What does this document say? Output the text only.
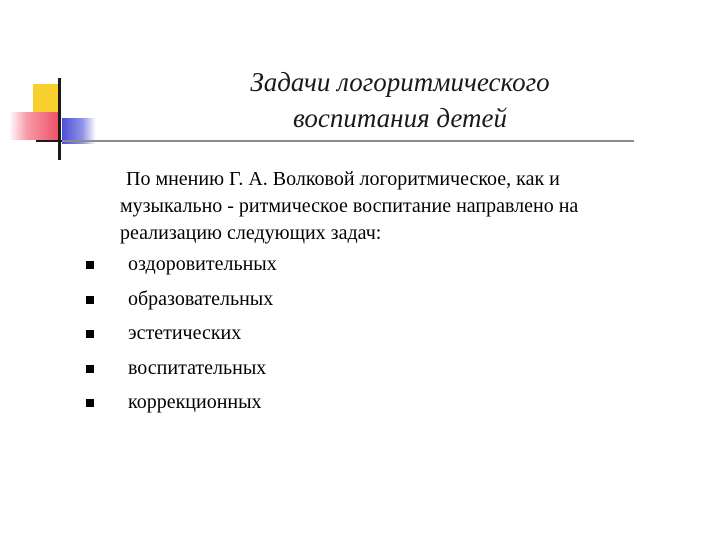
Задачи логоритмического
воспитания детей
По мнению Г. А. Волковой логоритмическое, как и
музыкально - ритмическое воспитание направлено на
реализацию следующих задач:
оздоровительных
образовательных
эстетических
воспитательных
коррекционных
